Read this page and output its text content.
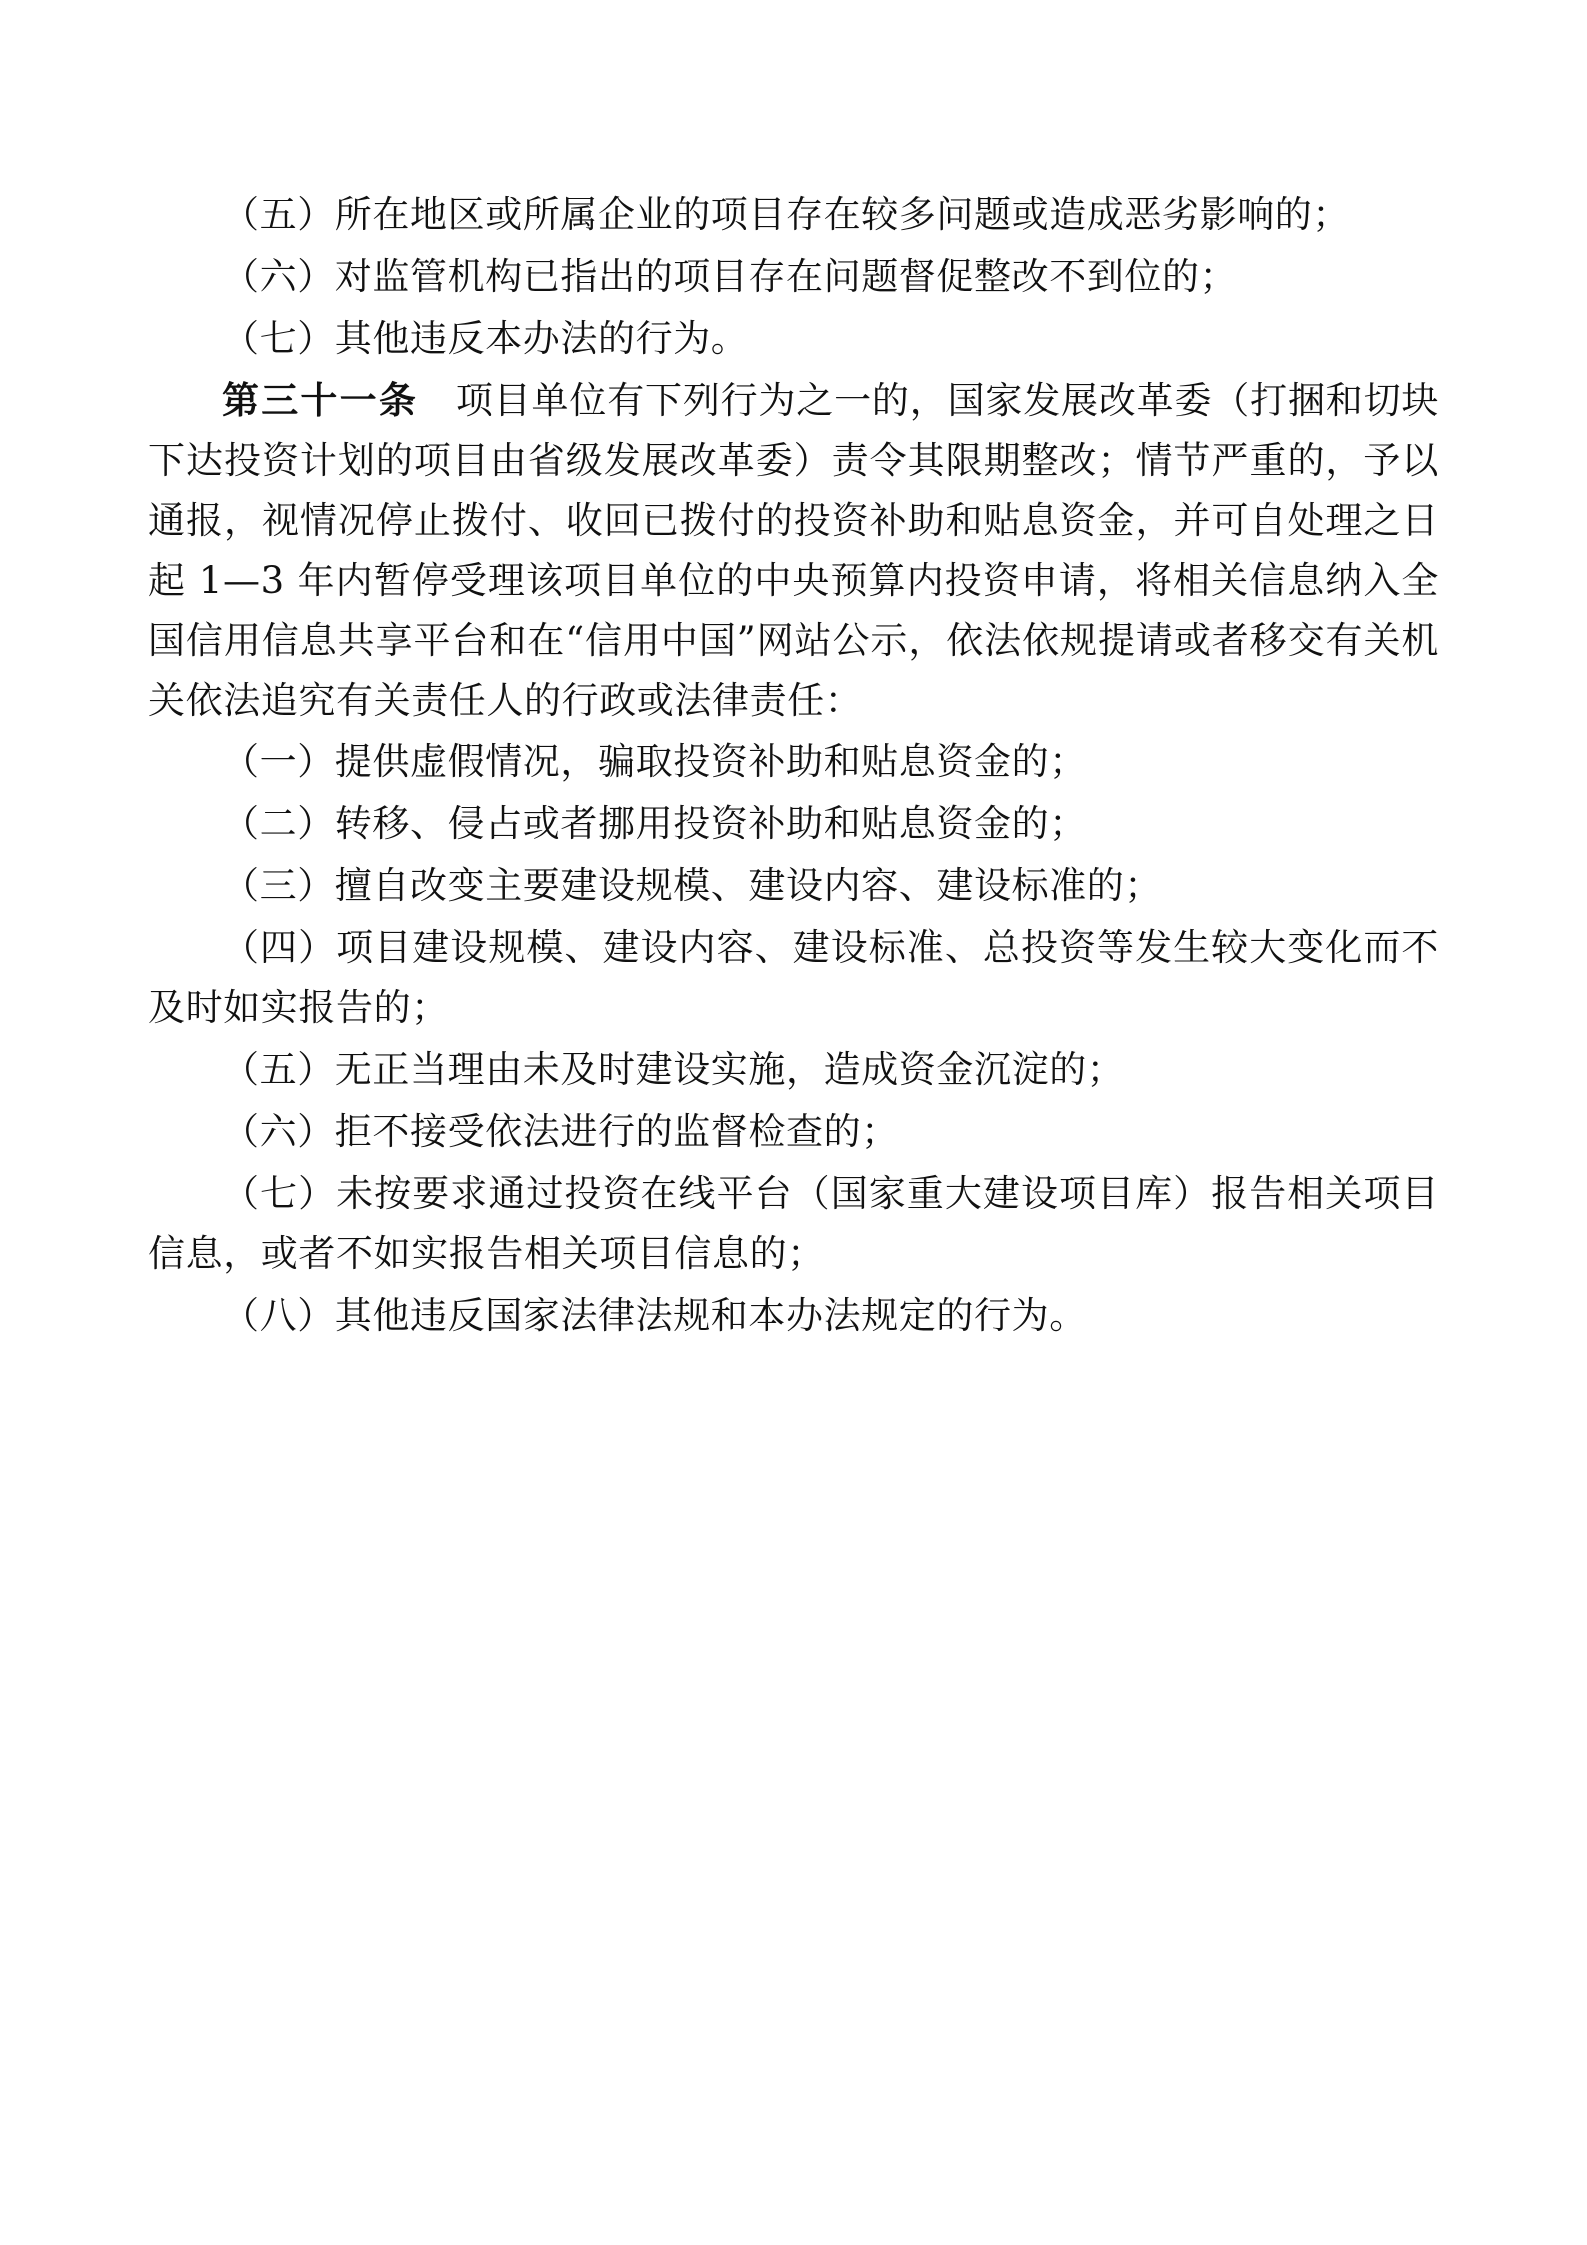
（五）所在地区或所属企业的项目存在较多问题或造成恶劣影响的；

（六）对监管机构已指出的项目存在问题督促整改不到位的；

（七）其他违反本办法的行为。

第三十一条　 项目单位有下列行为之一的，国家发展改革委（打捆和切块下达投资计划的项目由省级发展改革委）责令其限期整改；情节严重的，予以通报，视情况停止拨付、收回已拨付的投资补助和贴息资金，并可自处理之日起 1—3 年内暂停受理该项目单位的中央预算内投资申请，将相关信息纳入全国信用信息共享平台和在“信用中国”网站公示，依法依规提请或者移交有关机关依法追究有关责任人的行政或法律责任：

（一）提供虚假情况，骗取投资补助和贴息资金的；

（二）转移、侵占或者挪用投资补助和贴息资金的；

（三）擅自改变主要建设规模、建设内容、建设标准的；

（四）项目建设规模、建设内容、建设标准、总投资等发生较大变化而不及时如实报告的；

（五）无正当理由未及时建设实施，造成资金沉淀的；

（六）拒不接受依法进行的监督检查的；

（七）未按要求通过投资在线平台（国家重大建设项目库）报告相关项目信息，或者不如实报告相关项目信息的；

（八）其他违反国家法律法规和本办法规定的行为。
